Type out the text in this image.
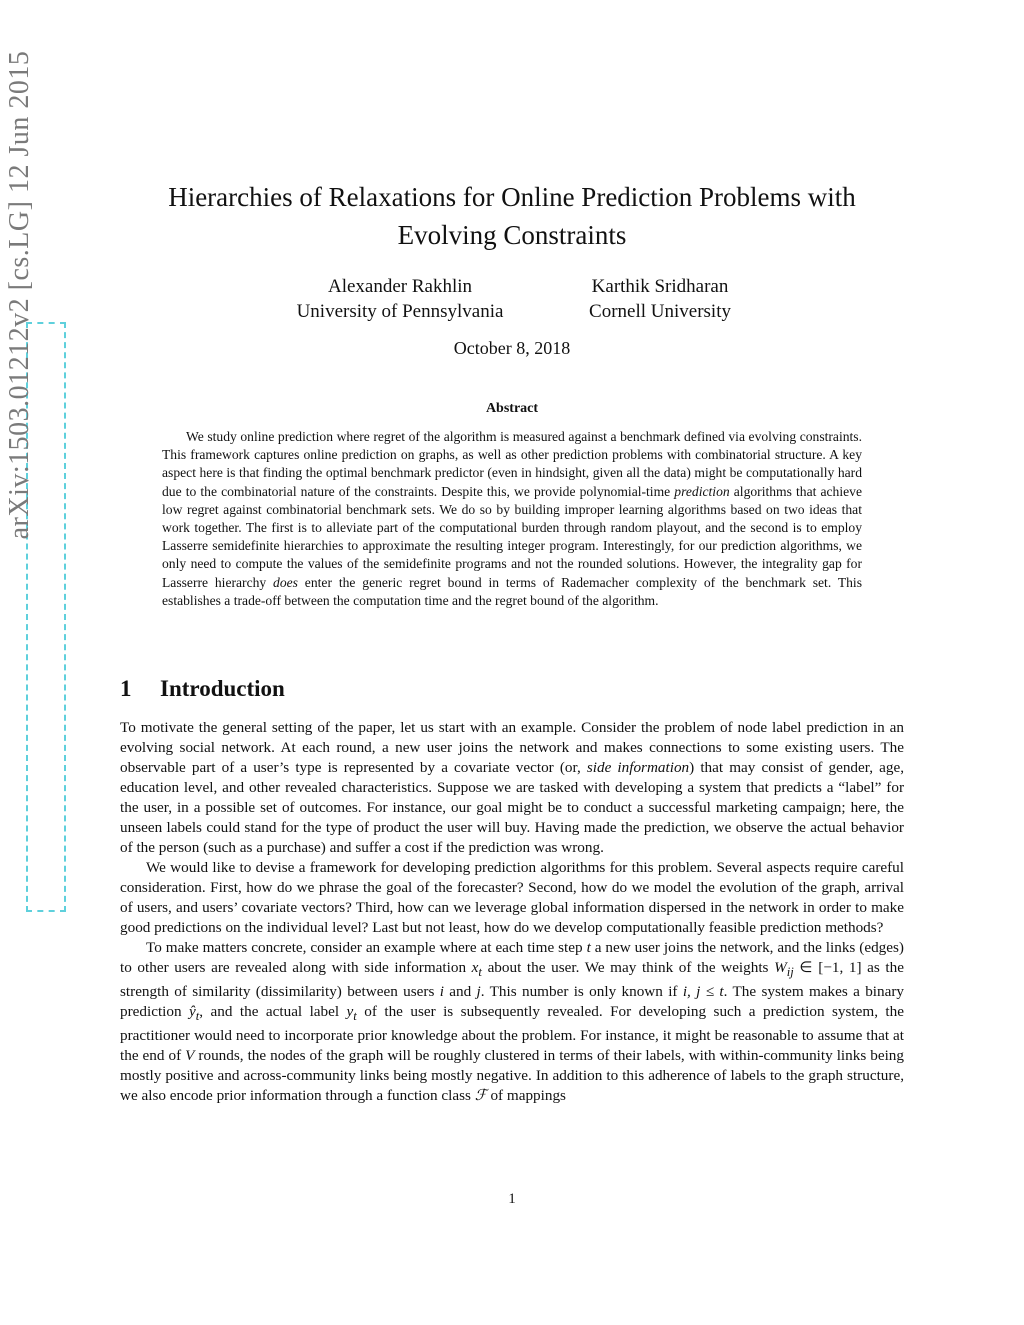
arXiv:1503.01212v2 [cs.LG] 12 Jun 2015	Hierarchies of Relaxations for Online Prediction Problems with Evolving Constraints
Alexander Rakhlin
University of Pennsylvania
Karthik Sridharan
Cornell University
October 8, 2018
Abstract

We study online prediction where regret of the algorithm is measured against a benchmark defined via evolving constraints. This framework captures online prediction on graphs, as well as other prediction problems with combinatorial structure. A key aspect here is that finding the optimal benchmark predictor (even in hindsight, given all the data) might be computationally hard due to the combinatorial nature of the constraints. Despite this, we provide polynomial-time prediction algorithms that achieve low regret against combinatorial benchmark sets. We do so by building improper learning algorithms based on two ideas that work together. The first is to alleviate part of the computational burden through random playout, and the second is to employ Lasserre semidefinite hierarchies to approximate the resulting integer program. Interestingly, for our prediction algorithms, we only need to compute the values of the semidefinite programs and not the rounded solutions. However, the integrality gap for Lasserre hierarchy does enter the generic regret bound in terms of Rademacher complexity of the benchmark set. This establishes a trade-off between the computation time and the regret bound of the algorithm.

1 Introduction

To motivate the general setting of the paper, let us start with an example. Consider the problem of node label prediction in an evolving social network. At each round, a new user joins the network and makes connections to some existing users. The observable part of a user’s type is represented by a covariate vector (or, side information) that may consist of gender, age, education level, and other revealed characteristics. Suppose we are tasked with developing a system that predicts a “label” for the user, in a possible set of outcomes. For instance, our goal might be to conduct a successful marketing campaign; here, the unseen labels could stand for the type of product the user will buy. Having made the prediction, we observe the actual behavior of the person (such as a purchase) and suffer a cost if the prediction was wrong.

We would like to devise a framework for developing prediction algorithms for this problem. Several aspects require careful consideration. First, how do we phrase the goal of the forecaster? Second, how do we model the evolution of the graph, arrival of users, and users’ covariate vectors? Third, how can we leverage global information dispersed in the network in order to make good predictions on the individual level? Last but not least, how do we develop computationally feasible prediction methods?

To make matters concrete, consider an example where at each time step t a new user joins the network, and the links (edges) to other users are revealed along with side information $x_t$ about the user. We may think of the weights $W_{ij}$ ∈ [−1, 1] as the strength of similarity (dissimilarity) between users i and j. This number is only known if i, j ≤ t. The system makes a binary prediction $ŷ_t$, and the actual label $y_t$ of the user is subsequently revealed. For developing such a prediction system, the practitioner would need to incorporate prior knowledge about the problem. For instance, it might be reasonable to assume that at the end of V rounds, the nodes of the graph will be roughly clustered in terms of their labels, with within-community links being mostly positive and across-community links being mostly negative. In addition to this adherence of labels to the graph structure, we also encode prior information through a function class ℱ of mappings

1
